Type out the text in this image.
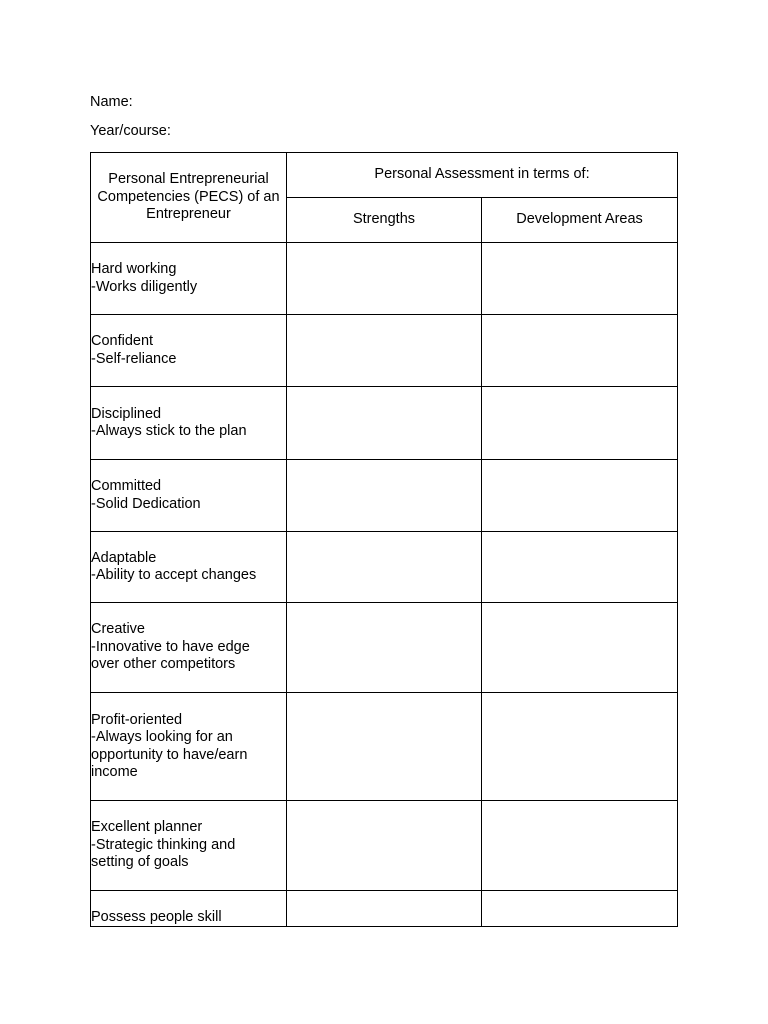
Name:
Year/course:
Personal Entrepreneurial Competencies (PECS) of an Entrepreneur	Personal Assessment in terms of:	
	Strengths	Development Areas

Hard working
-Works diligently		

Confident
-Self-reliance		

Disciplined
-Always stick to the plan		

Committed
-Solid Dedication		

Adaptable
-Ability to accept changes		

Creative
-Innovative to have edge
over other competitors		

Profit-oriented
-Always looking for an
opportunity to have/earn
income		

Excellent planner
-Strategic thinking and
setting of goals		

Possess people skill		
